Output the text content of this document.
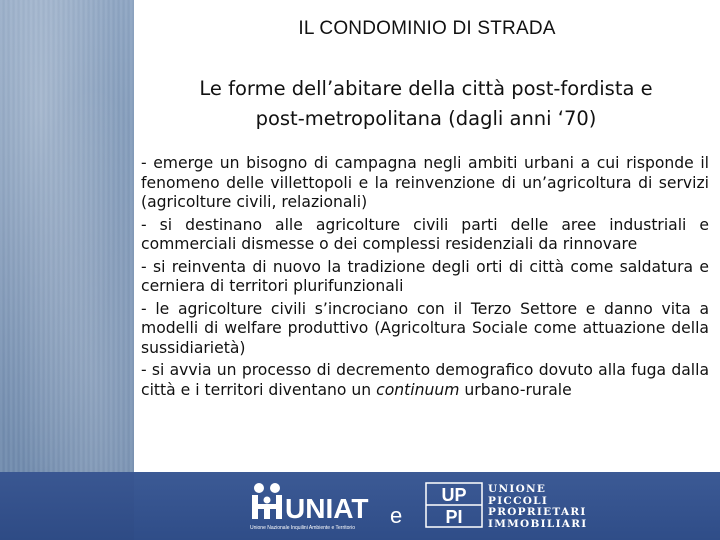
IL CONDOMINIO DI STRADA
Le forme dell’abitare della città post-fordista e
post-metropolitana (dagli anni ‘70)

- emerge un bisogno di campagna negli ambiti urbani a cui risponde il fenomeno delle villettopoli e la reinvenzione di un’agricoltura di servizi (agricolture civili, relazionali)

- si destinano alle agricolture civili parti delle aree industriali e commerciali dismesse o dei complessi residenziali da rinnovare

- si reinventa di nuovo la tradizione degli orti di città come saldatura e cerniera di territori plurifunzionali

- le agricolture civili s’incrociano con il Terzo Settore e danno vita a modelli di welfare produttivo (Agricoltura Sociale come attuazione della sussidiarietà)

- si avvia un processo di decremento demografico dovuto alla fuga dalla città e i territori diventano un continuum urbano-rurale

UNIAT
Unione Nazionale Inquilini Ambiente e Territorio e
UP
PI
UNIONE
PICCOLI
PROPRIETARI
IMMOBILIARI
